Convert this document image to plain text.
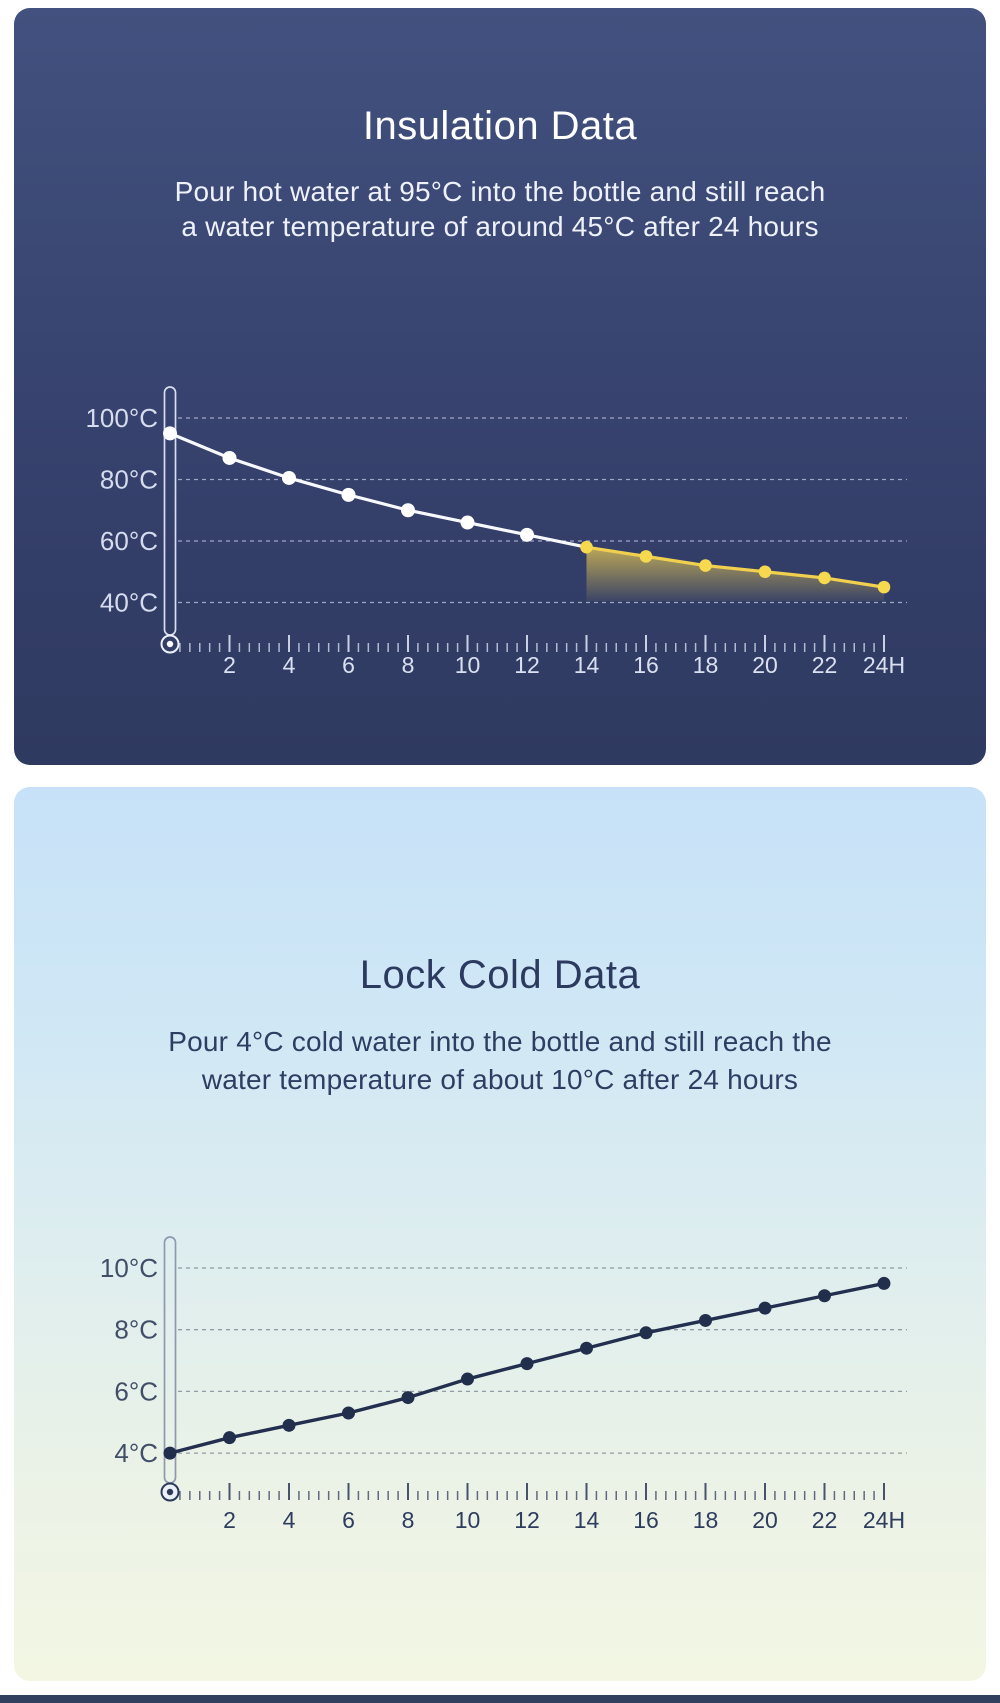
Insulation Data
Pour hot water at 95°C into the bottle and still reach
a water temperature of around 45°C after 24 hours
100°C
80°C
60°C
40°C
2 4 6 8 10 12 14 16 18 20 22 24H
Lock Cold Data
Pour 4°C cold water into the bottle and still reach the
water temperature of about 10°C after 24 hours
10°C
8°C
6°C
4°C
2 4 6 8 10 12 14 16 18 20 22 24H
